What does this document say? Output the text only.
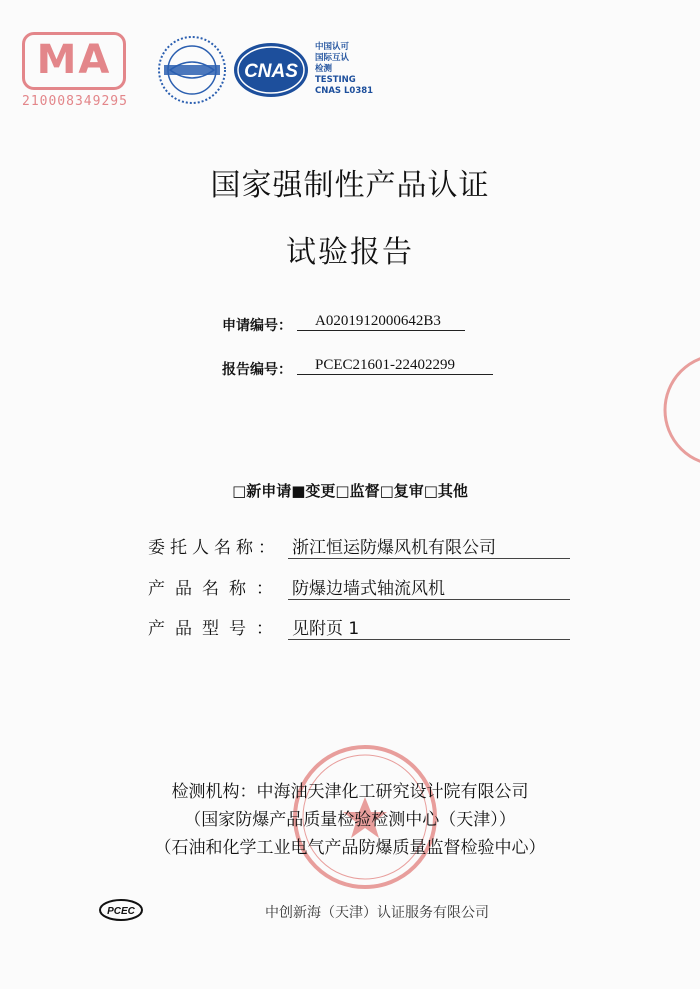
MA
210008349295
CNAS
中国认可
国际互认
检测
TESTING
CNAS L0381
国家强制性产品认证
试验报告
申请编号：	A0201912000642B3
报告编号：	PCEC21601-22402299
□新申请■变更□监督□复审□其他
委托人名称： 浙江恒运防爆风机有限公司
产品名称： 防爆边墙式轴流风机
产品型号： 见附页 1
检测机构：中海油天津化工研究设计院有限公司
（国家防爆产品质量检验检测中心（天津））
（石油和化学工业电气产品防爆质量监督检验中心）
PCEC	中创新海（天津）认证服务有限公司
